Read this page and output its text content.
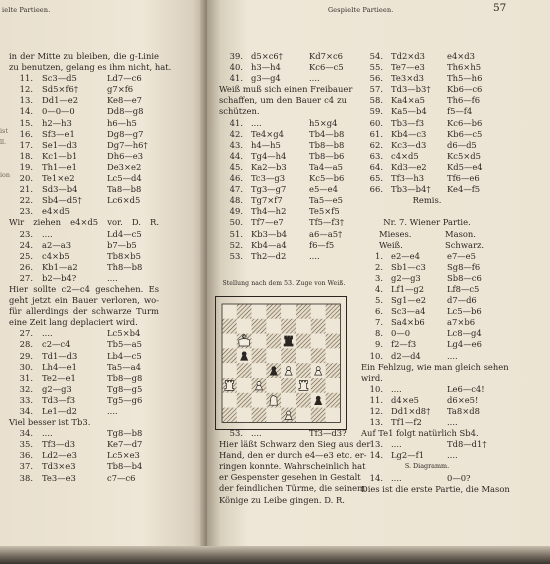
ielte Partieen.
ist
ll.
ion
in der Mitte zu bleiben, die g-Linie
zu benutzen, gelang es ihm nicht, hat.
11. Sc3—d5	Ld7—c6
12. Sd5×f6†	g7×f6
13. Dd1—e2	Ke8—e7
14. 0—0—0	Dd8—g8
15. h2—h3	h6—h5
16. Sf3—e1	Dg8—g7
17. Se1—d3	Dg7—h6†
18. Kc1—b1	Dh6—e3
19. Th1—e1	De3×e2
20. Te1×e2	Lc5—d4
21. Sd3—b4	Ta8—b8
22. Sb4—d5†	Lc6×d5
23. e4×d5
Wir ziehen e4×d5 vor. D. R.
23. ....	Ld4—c5
24. a2—a3	b7—b5
25. c4×b5	Tb8×b5
26. Kb1—a2	Th8—b8
27. b2—b4?	....
Hier sollte c2—c4 geschehen. Es
geht jetzt ein Bauer verloren, wo-
für allerdings der schwarze Turm
eine Zeit lang deplaciert wird.
27. ....	Lc5×b4
28. c2—c4	Tb5—a5
29. Td1—d3	Lb4—c5
30. Lh4—e1	Ta5—a4
31. Te2—e1	Tb8—g8
32. g2—g3	Tg8—g5
33. Td3—f3	Tg5—g6
34. Le1—d2	....
Viel besser ist Tb3.
34. ....	Tg8—b8
35. Tf3—d3	Ke7—d7
36. Ld2—e3	Lc5×e3
37. Td3×e3	Tb8—b4
38. Te3—e3	c7—c6
Gespielte Partieen.	57
39. d5×c6†	Kd7×c6
40. h3—h4	Kc6—c5
41. g3—g4	....
Weiß muß sich einen Freibauer
schaffen, um den Bauer c4 zu
schützen.
41. ....	h5×g4
42. Te4×g4	Tb4—b8
43. h4—h5	Tb8—b8
44. Tg4—h4	Tb8—b6
45. Ka2—b3	Ta4—a5
46. Tc3—g3	Kc5—b6
47. Tg3—g7	e5—e4
48. Tg7×f7	Ta5—e5
49. Th4—h2	Te5×f5
50. Tf7—e7	Tf5—f3†
51. Kb3—b4	a6—a5†
52. Kb4—a4	f6—f5
53. Th2—d2	....
Stellung nach dem 53. Zuge von Weiß.
53. ....	Tf3—d3?
Hier läßt Schwarz den Sieg aus der
Hand, den er durch e4—e3 etc. er-
ringen konnte. Wahrscheinlich hat
er Gespenster gesehen in Gestalt
der feindlichen Türme, die seinem
Könige zu Leibe gingen. D. R.
54. Td2×d3	e4×d3
55. Te7—e3	Th6×h5
56. Te3×d3	Th5—h6
57. Td3—b3† Kb6—c6
58. Ka4×a5	Th6—f6
59. Ka5—b4 f5—f4
60. Tb3—f3	Kc6—b6
61. Kb4—c3 Kb6—c5
62. Kc3—d3 d6—d5
63. c4×d5	Kc5×d5
64. Kd3—e2 Kd5—e4
65. Tf3—h3	Tf6—e6
66. Tb3—b4† Ke4—f5
Remis.
Nr. 7. Wiener Partie.
Mieses.	Mason.
Weiß.	Schwarz.
1. e2—e4	e7—e5
2. Sb1—c3	Sg8—f6
3. g2—g3	Sb8—c6
4. Lf1—g2	Lf8—c5
5. Sg1—e2 d7—d6
6. Sc3—a4	Lc5—b6
7. Sa4×b6	a7×b6
8. 0—0	Lc8—g4
9. f2—f3	Lg4—e6
10. d2—d4	....
Ein Fehlzug, wie man gleich sehen
wird.
10. ....	Le6—c4!
11. d4×e5	d6×e5!
12. Dd1×d8† Ta8×d8
13. Tf1—f2	....
Auf Te1 folgt natürlich Sb4.
13. ....	Td8—d1†
14. Lg2—f1	....
S. Diagramm.
14. ....	0—0?
Dies ist die erste Partie, die Mason
